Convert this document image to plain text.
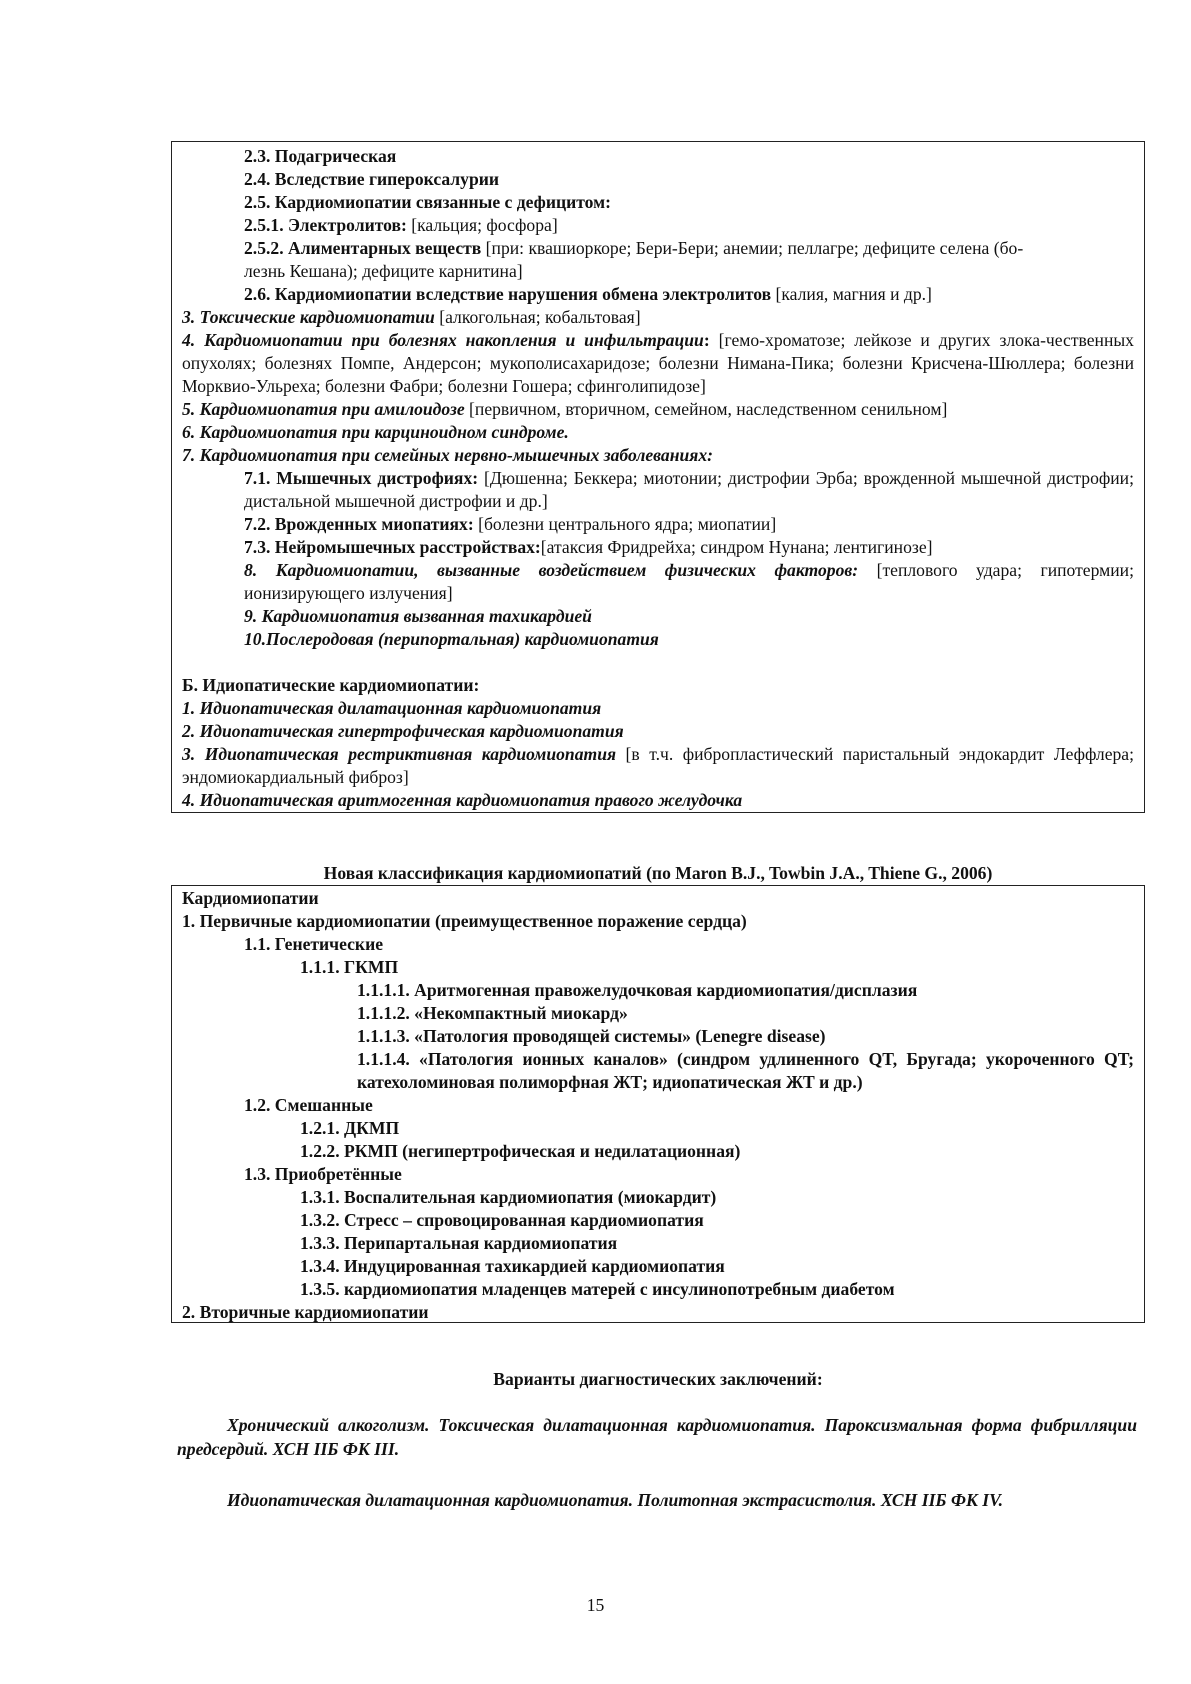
2.3. Подагрическая
2.4. Вследствие гипероксалурии
2.5. Кардиомиопатии связанные с дефицитом:
2.5.1. Электролитов: [кальция; фосфора]
2.5.2. Алиментарных веществ [при: квашиоркоре; Бери-Бери; анемии; пеллагре; дефиците селена (бо-
лезнь Кешана); дефиците карнитина]
2.6. Кардиомиопатии вследствие нарушения обмена электролитов [калия, магния и др.]
3. Токсические кардиомиопатии [алкогольная; кобальтовая]
4. Кардиомиопатии при болезнях накопления и инфильтрации: [гемо-хроматозе; лейкозе и других злока-чественных опухолях; болезнях Помпе, Андерсон; мукополисахаридозе; болезни Нимана-Пика; болезни Крисчена-Шюллера; болезни Морквио-Ульреха; болезни Фабри; болезни Гошера; сфинголипидозе]
5. Кардиомиопатия при амилоидозе [первичном, вторичном, семейном, наследственном сенильном]
6. Кардиомиопатия при карциноидном синдроме.
7. Кардиомиопатия при семейных нервно-мышечных заболеваниях:
7.1. Мышечных дистрофиях: [Дюшенна; Беккера; миотонии; дистрофии Эрба; врожденной мышечной дистрофии; дистальной мышечной дистрофии и др.]
7.2. Врожденных миопатиях: [болезни центрального ядра; миопатии]
7.3. Нейромышечных расстройствах:[атаксия Фридрейха; синдром Нунана; лентигинозе]
8. Кардиомиопатии, вызванные воздействием физических факторов: [теплового удара; гипотермии; ионизирующего излучения]
9. Кардиомиопатия вызванная тахикардией
10.Послеродовая (перипортальная) кардиомиопатия
Б. Идиопатические кардиомиопатии:
1. Идиопатическая дилатационная кардиомиопатия
2. Идиопатическая гипертрофическая кардиомиопатия
3. Идиопатическая рестриктивная кардиомиопатия [в т.ч. фибропластический паристальный эндокардит Леффлера; эндомиокардиальный фиброз]
4. Идиопатическая аритмогенная кардиомиопатия правого желудочка
Новая классификация кардиомиопатий (по Maron B.J., Towbin J.A., Thiene G., 2006)
Кардиомиопатии
1. Первичные кардиомиопатии (преимущественное поражение сердца)
1.1. Генетические
1.1.1. ГКМП
1.1.1.1. Аритмогенная правожелудочковая кардиомиопатия/дисплазия
1.1.1.2. «Некомпактный миокард»
1.1.1.3. «Патология проводящей системы» (Lenegre disease)
1.1.1.4. «Патология ионных каналов» (синдром удлиненного QT, Бругада; укороченного QT; катехоломиновая полиморфная ЖТ; идиопатическая ЖТ и др.)
1.2. Смешанные
1.2.1. ДКМП
1.2.2. РКМП (негипертрофическая и недилатационная)
1.3. Приобретённые
1.3.1. Воспалительная кардиомиопатия (миокардит)
1.3.2. Стресс – спровоцированная кардиомиопатия
1.3.3. Перипартальная кардиомиопатия
1.3.4. Индуцированная тахикардией кардиомиопатия
1.3.5. кардиомиопатия младенцев матерей с инсулинопотребным диабетом
2. Вторичные кардиомиопатии
Варианты диагностических заключений:
Хронический алкоголизм. Токсическая дилатационная кардиомиопатия. Пароксизмальная форма фибрилляции предсердий. ХСН IIБ ФК III.
Идиопатическая дилатационная кардиомиопатия. Политопная экстрасистолия. ХСН IIБ ФК IV.
15
